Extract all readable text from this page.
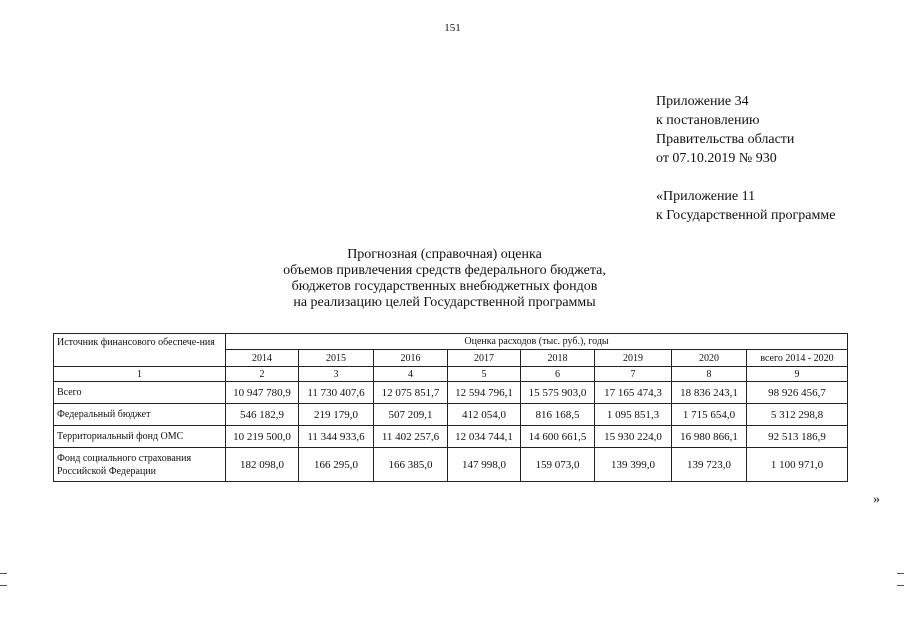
151
Приложение 34
к постановлению
Правительства области
от 07.10.2019 № 930
«Приложение 11
к Государственной программе
Прогнозная (справочная) оценка
объемов привлечения средств федерального бюджета,
бюджетов государственных внебюджетных фондов
на реализацию целей Государственной программы
Источник финансового обеспече-ния	Оценка расходов (тыс. руб.), годы							
	2014	2015	2016	2017	2018	2019	2020	всего 2014 - 2020
1	2	3	4	5	6	7	8	9
Всего	10 947 780,9	11 730 407,6	12 075 851,7	12 594 796,1	15 575 903,0	17 165 474,3	18 836 243,1	98 926 456,7
Федеральный бюджет	546 182,9	219 179,0	507 209,1	412 054,0	816 168,5	1 095 851,3	1 715 654,0	5 312 298,8
Территориальный фонд ОМС	10 219 500,0	11 344 933,6	11 402 257,6	12 034 744,1	14 600 661,5	15 930 224,0	16 980 866,1	92 513 186,9
Фонд социального страхования Российской Федерации	182 098,0	166 295,0	166 385,0	147 998,0	159 073,0	139 399,0	139 723,0	1 100 971,0
»
